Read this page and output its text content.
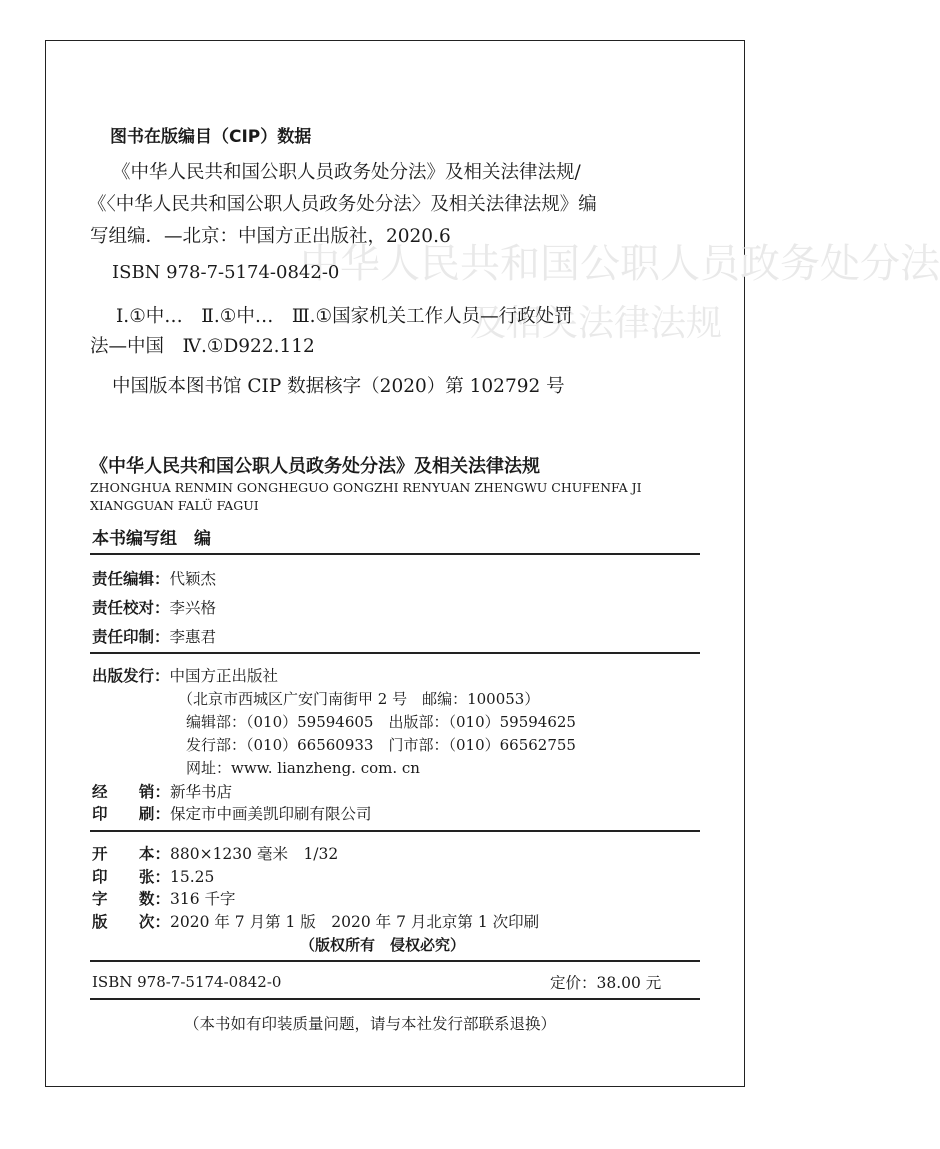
中华人民共和国公职人员政务处分法
及相关法律法规
图书在版编目（CIP）数据
《中华人民共和国公职人员政务处分法》及相关法律法规/
《〈中华人民共和国公职人员政务处分法〉及相关法律法规》编
写组编．—北京：中国方正出版社，2020.6
ISBN 978-7-5174-0842-0
Ⅰ.①中…　Ⅱ.①中…　Ⅲ.①国家机关工作人员—行政处罚
法—中国　Ⅳ.①D922.112
中国版本图书馆 CIP 数据核字（2020）第 102792 号
《中华人民共和国公职人员政务处分法》及相关法律法规
ZHONGHUA RENMIN GONGHEGUO GONGZHI RENYUAN ZHENGWU CHUFENFA JI
XIANGGUAN FALÜ FAGUI
本书编写组　编
责任编辑：代颖杰
责任校对：李兴格
责任印制：李惠君
出版发行：中国方正出版社
（北京市西城区广安门南街甲 2 号　邮编：100053）
编辑部：（010）59594605　出版部：（010）59594625
发行部：（010）66560933　门市部：（010）66562755
网址：www. lianzheng. com. cn
经　　销：新华书店
印　　刷：保定市中画美凯印刷有限公司
开　　本：880×1230 毫米　1/32
印　　张：15.25
字　　数：316 千字
版　　次：2020 年 7 月第 1 版　2020 年 7 月北京第 1 次印刷
（版权所有　侵权必究）
ISBN 978-7-5174-0842-0	定价：38.00 元
（本书如有印装质量问题，请与本社发行部联系退换）
